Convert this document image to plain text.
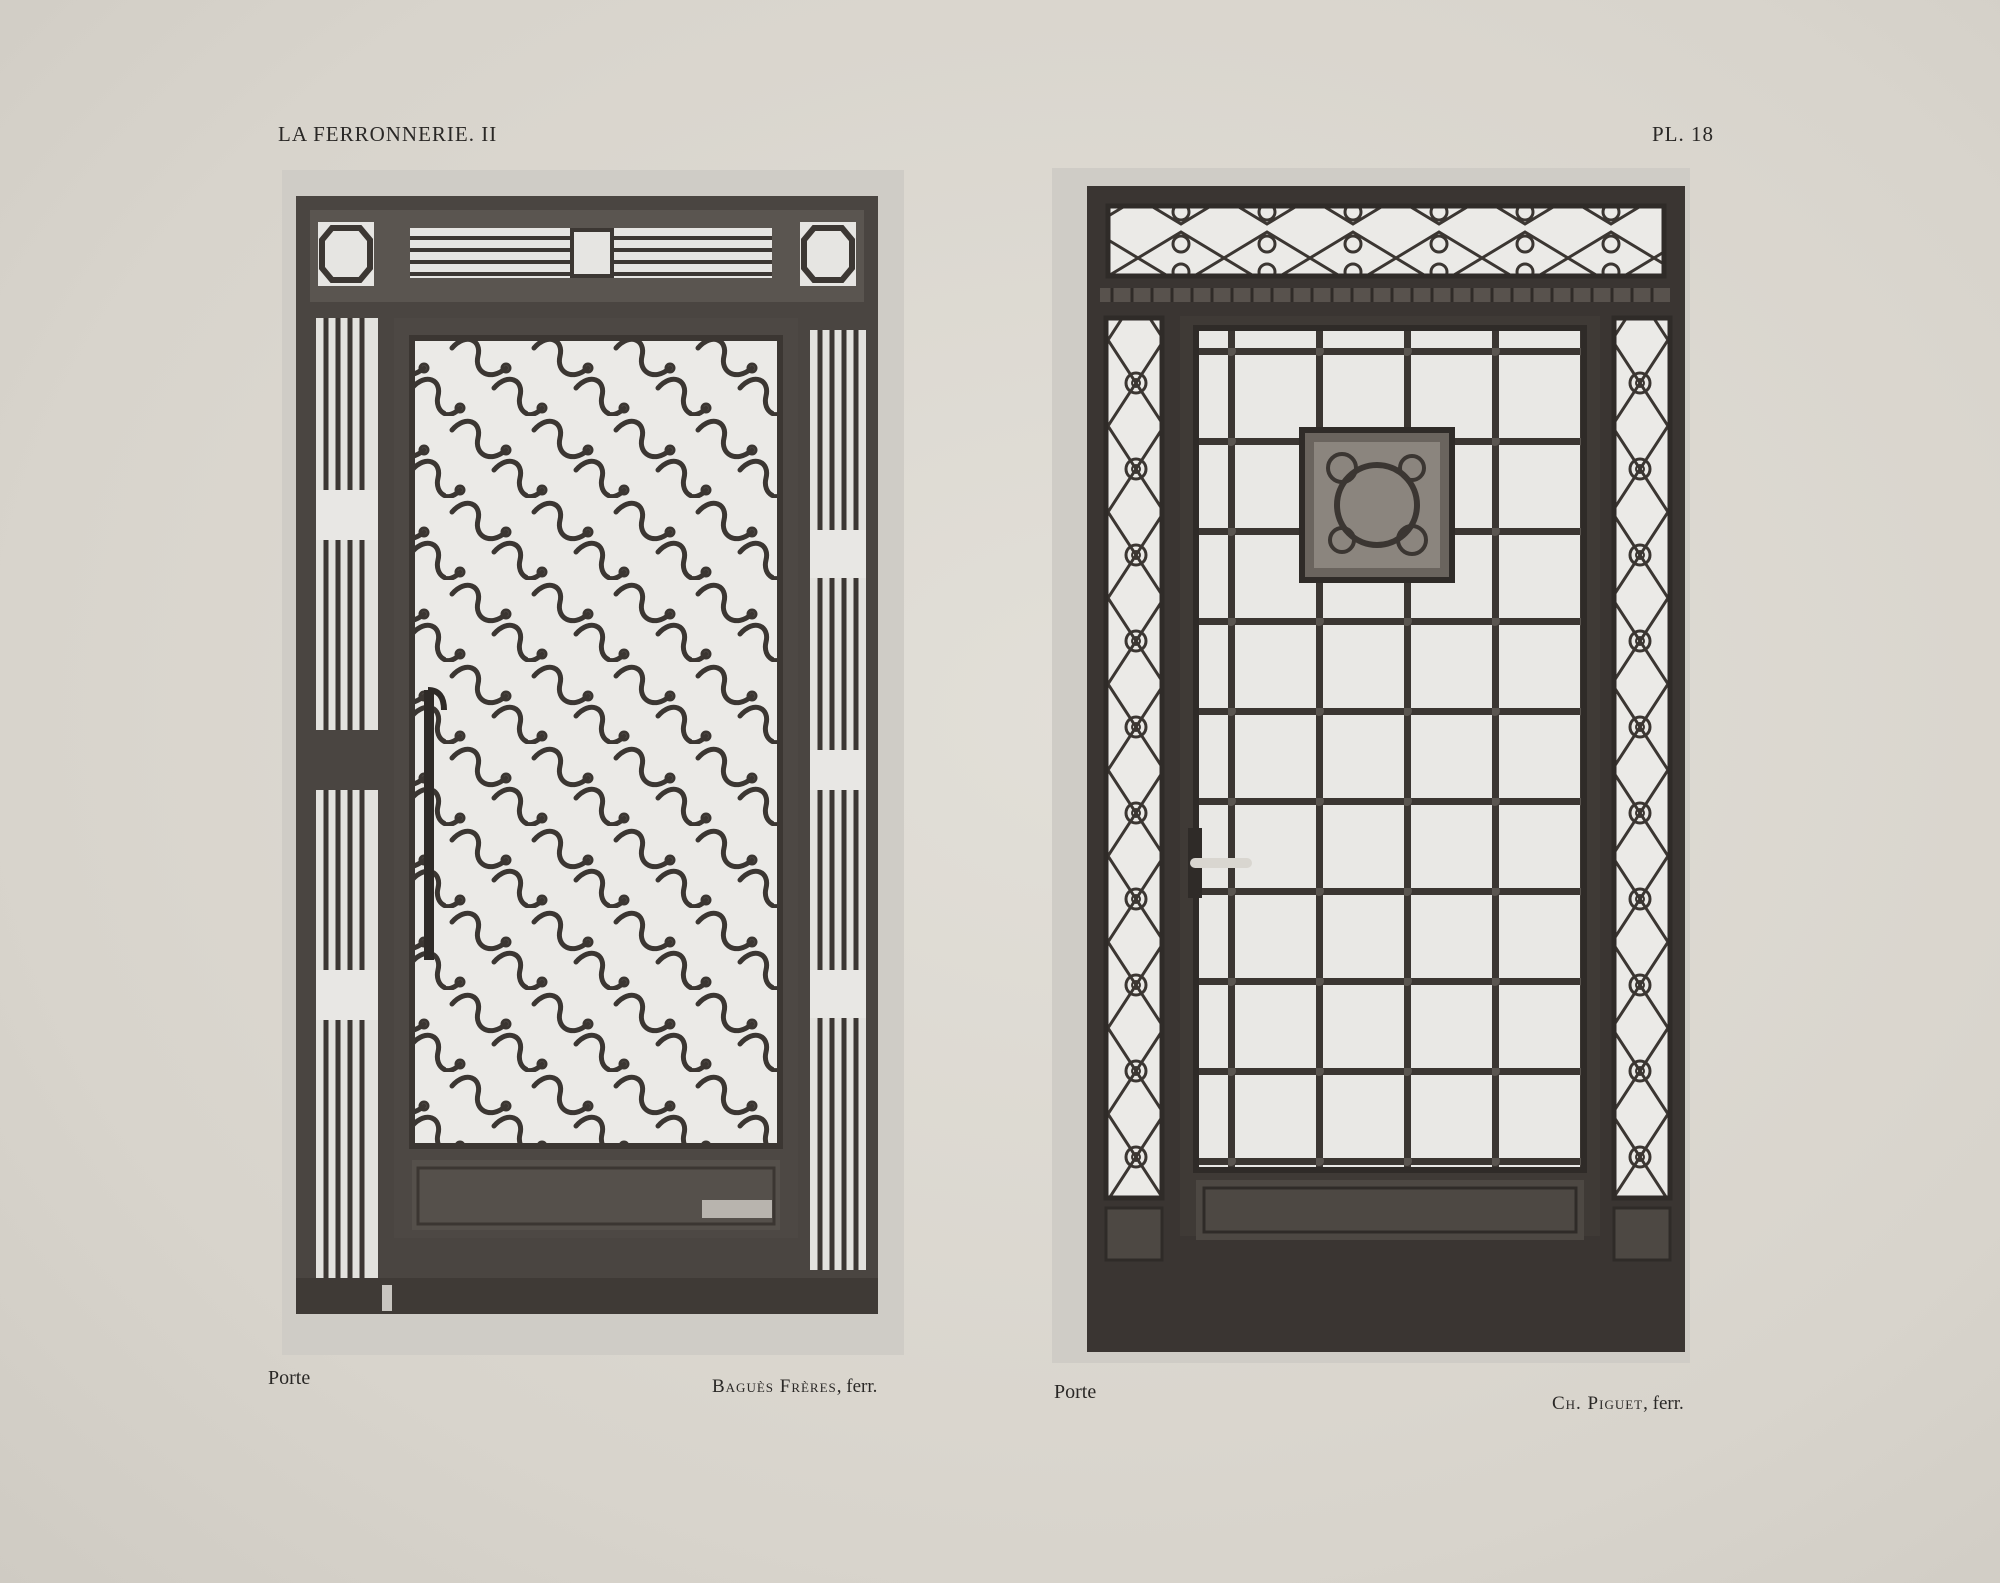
LA FERRONNERIE. II	PL. 18
Porte	Baguès Frères, ferr.	Porte
Ch. Piguet, ferr.
